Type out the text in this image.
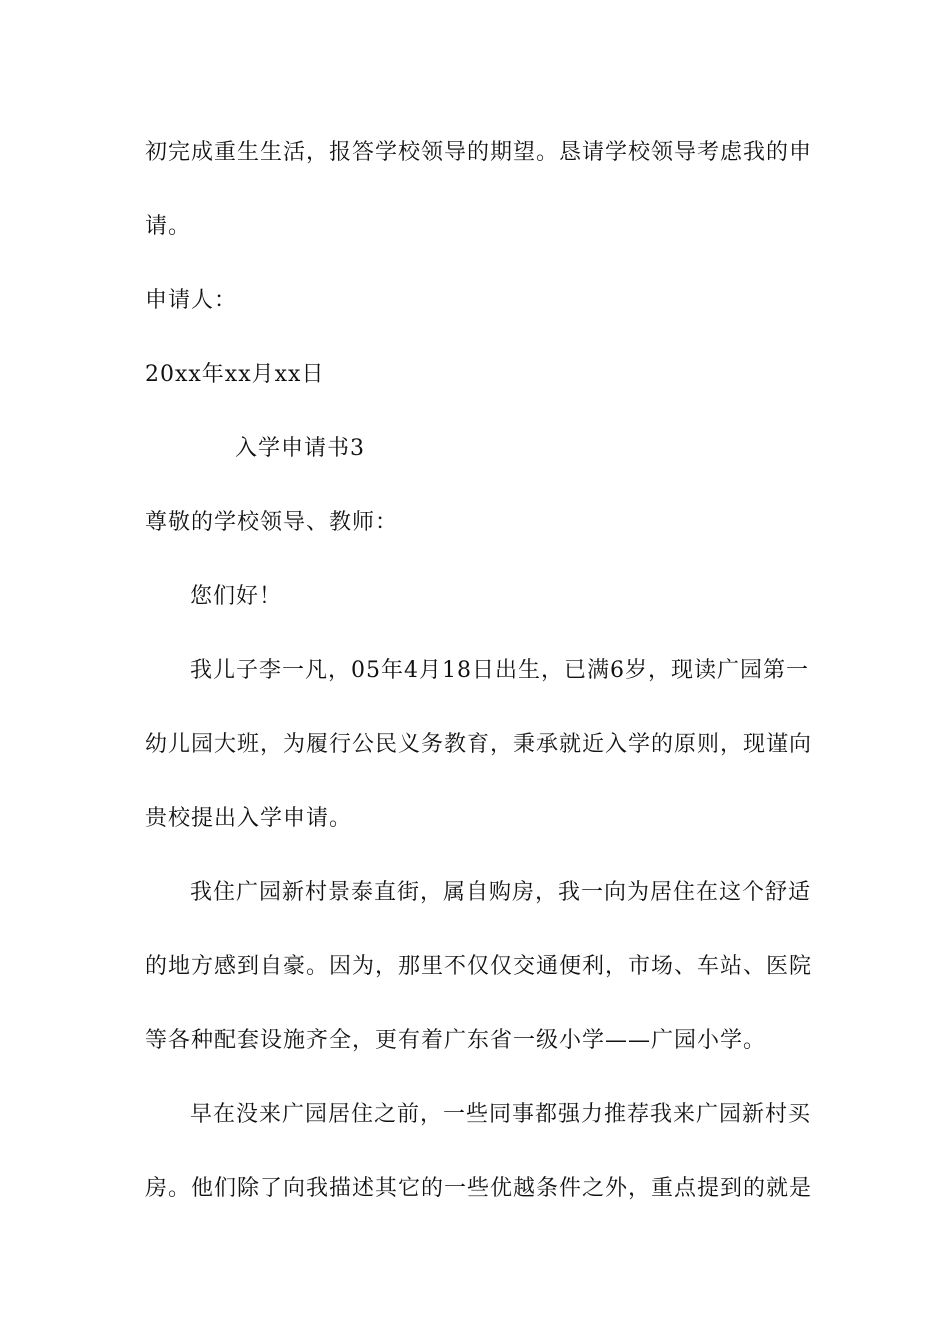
初完成重生生活，报答学校领导的期望。恳请学校领导考虑我的申
请。
申请人：
20xx年xx月xx日
入学申请书3
尊敬的学校领导、教师：
您们好！
我儿子李一凡，05年4月18日出生，已满6岁，现读广园第一
幼儿园大班，为履行公民义务教育，秉承就近入学的原则，现谨向
贵校提出入学申请。
我住广园新村景泰直街，属自购房，我一向为居住在这个舒适
的地方感到自豪。因为，那里不仅仅交通便利，市场、车站、医院
等各种配套设施齐全，更有着广东省一级小学——广园小学。
早在没来广园居住之前，一些同事都强力推荐我来广园新村买
房。他们除了向我描述其它的一些优越条件之外，重点提到的就是
